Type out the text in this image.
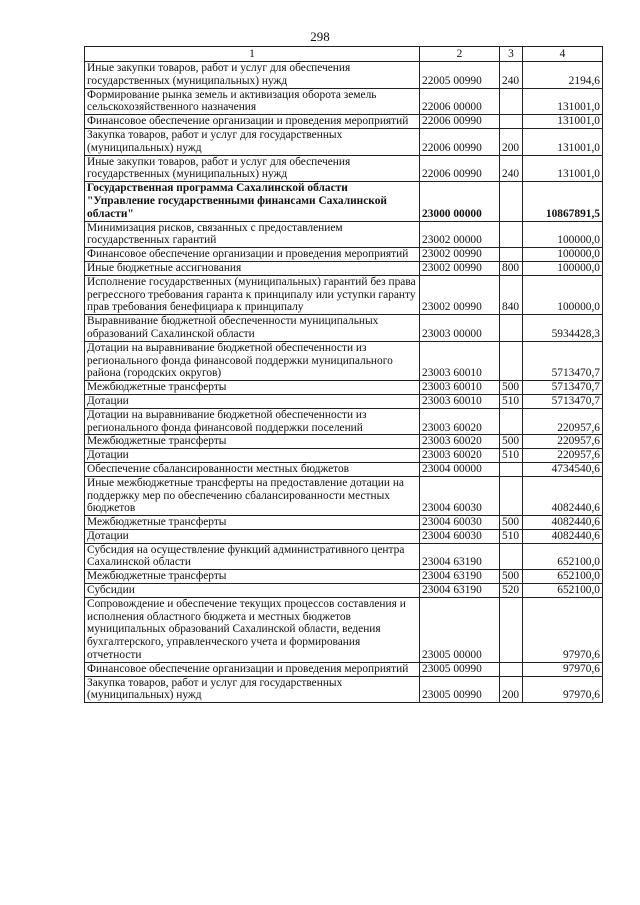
298
1	2	3	4
Иные закупки товаров, работ и услуг для обеспечения государственных (муниципальных) нужд	22005 00990	240	2194,6
Формирование рынка земель и активизация оборота земель сельскохозяйственного назначения	22006 00000		131001,0
Финансовое обеспечение организации и проведения мероприятий	22006 00990		131001,0
Закупка товаров, работ и услуг для государственных (муниципальных) нужд	22006 00990	200	131001,0
Иные закупки товаров, работ и услуг для обеспечения государственных (муниципальных) нужд	22006 00990	240	131001,0
Государственная программа Сахалинской области "Управление государственными финансами Сахалинской области"	23000 00000		10867891,5
Минимизация рисков, связанных с предоставлением государственных гарантий	23002 00000		100000,0
Финансовое обеспечение организации и проведения мероприятий	23002 00990		100000,0
Иные бюджетные ассигнования	23002 00990	800	100000,0
Исполнение государственных (муниципальных) гарантий без права регрессного требования гаранта к принципалу или уступки гаранту прав требования бенефициара к принципалу	23002 00990	840	100000,0
Выравнивание бюджетной обеспеченности муниципальных образований Сахалинской области	23003 00000		5934428,3
Дотации на выравнивание бюджетной обеспеченности из регионального фонда финансовой поддержки муниципального района (городских округов)	23003 60010		5713470,7
Межбюджетные трансферты	23003 60010	500	5713470,7
Дотации	23003 60010	510	5713470,7
Дотации на выравнивание бюджетной обеспеченности из регионального фонда финансовой поддержки поселений	23003 60020		220957,6
Межбюджетные трансферты	23003 60020	500	220957,6
Дотации	23003 60020	510	220957,6
Обеспечение сбалансированности местных бюджетов	23004 00000		4734540,6
Иные межбюджетные трансферты на предоставление дотации на поддержку мер по обеспечению сбалансированности местных бюджетов	23004 60030		4082440,6
Межбюджетные трансферты	23004 60030	500	4082440,6
Дотации	23004 60030	510	4082440,6
Субсидия на осуществление функций административного центра Сахалинской области	23004 63190		652100,0
Межбюджетные трансферты	23004 63190	500	652100,0
Субсидии	23004 63190	520	652100,0
Сопровождение и обеспечение текущих процессов составления и исполнения областного бюджета и местных бюджетов муниципальных образований Сахалинской области, ведения бухгалтерского, управленческого учета и формирования отчетности	23005 00000		97970,6
Финансовое обеспечение организации и проведения мероприятий	23005 00990		97970,6
Закупка товаров, работ и услуг для государственных (муниципальных) нужд	23005 00990	200	97970,6
